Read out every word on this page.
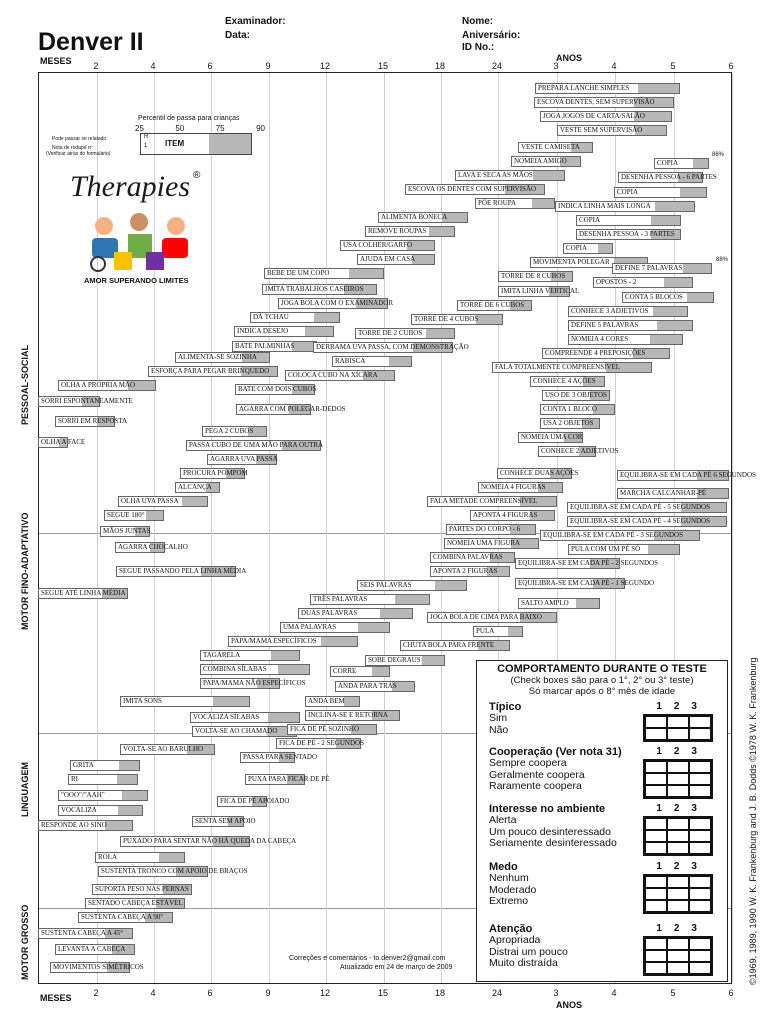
Denver II
Examinador:
Data:
Nome:
Aniversário:
ID No.:
MESES	ANOS
2	4	6	9	12	15	18	24	3	4	5	6
MESES
ANOS
2	4	6	9	12	15	18	24	3	4	5	6
PESSOAL-SOCIAL
MOTOR FINO-ADAPTATIVO
LINGUAGEM
MOTOR GROSSO
Percentil de passa para crianças
25	50	75	90
R
1 ITEM
Pode passar se relatado
Nota de rodapé nº
(Verificar atrás do formulário)
Therapies ®
AMOR SUPERANDO LIMITES
86%
88%
COMPORTAMENTO DURANTE O TESTE
(Check boxes são para o 1°, 2° ou 3° teste)
Só marcar após o 8° mês de idade
Típico	123
Sim
Não
Cooperação (Ver nota 31)	123
Sempre coopera
Geralmente coopera
Raramente coopera
Interesse no ambiente	123
Alerta
Um pouco desinteressado
Seriamente desinteressado
Medo	123
Nenhum
Moderado
Extremo
Atenção	123
Apropriada
Distrai um pouco
Muito distraída
Correções e comentários - to.denver2@gmail.com
Atualizado em 24 de março de 2009	©1969, 1989, 1990 W. K. Frankenburg and J. B. Dodds ©1978 W. K. Frankenburg
PREPARA LANCHE SIMPLES
ESCOVA DENTES, SEM SUPERVISÃO
JOGA JOGOS DE CARTA/SALÃO
VESTE SEM SUPERVISÃO
VESTE CAMISETA
NOMEIA AMIGO
LAVA E SECA AS MÃOS
ESCOVA OS DENTES COM SUPERVISÃO
PÕE ROUPA
ALIMENTA BONECA
REMOVE ROUPAS
USA COLHER/GARFO
AJUDA EM CASA
BEBE DE UM COPO
IMITA TRABALHOS CASEIROS
JOGA BOLA COM O EXAMINADOR
DÁ TCHAU
INDICA DESEJO
BATE PALMINHAS
ALIMENTA-SE SOZINHA
ESFORÇA PARA PEGAR BRINQUEDO
OLHA A PRÓPRIA MÃO
SORRI ESPONTANEAMENTE
SORRI EM RESPOSTA
OLHA A FACE
COPIA
DESENHA PESSOA - 6 PARTES
COPIA
INDICA LINHA MAIS LONGA
COPIA
DESENHA PESSOA - 3 PARTES
COPIA
MOVIMENTA POLEGAR
TORRE DE 8 CUBOS
IMITA LINHA VERTICAL
TORRE DE 6 CUBOS
TORRE DE 4 CUBOS
TORRE DE 2 CUBOS
DERRAMA UVA PASSA, COM DEMONSTRAÇÃO
RABISCA
COLOCA CUBO NA XÍCARA
BATE COM DOIS CUBOS
AGARRA COM POLEGAR-DEDOS
PEGA 2 CUBOS
PASSA CUBO DE UMA MÃO PARA OUTRA
AGARRA UVA PASSA
PROCURA POMPOM
ALCANÇA
OLHA UVA PASSA
SEGUE 180°
MÃOS JUNTAS
AGARRA CHOCALHO
SEGUE PASSANDO PELA LINHA MÉDIA
SEGUE ATÉ LINHA MÉDIA
DEFINE 7 PALAVRAS
OPOSTOS - 2
CONTA 5 BLOCOS
CONHECE 3 ADJETIVOS
DEFINE 5 PALAVRAS
NOMEIA 4 CORES
COMPREENDE 4 PREPOSIÇÕES
FALA TOTALMENTE COMPREENSÍVEL
CONHECE 4 AÇÕES
USO DE 3 OBJETOS
CONTA 1 BLOCO
USA 2 OBJETOS
NOMEIA UMA COR
CONHECE 2 ADJETIVOS
CONHECE DUAS AÇÕES
NOMEIA 4 FIGURAS
FALA METADE COMPREENSÍVEL
APONTA 4 FIGURAS
PARTES DO CORPO - 6
NOMEIA UMA FIGURA
COMBINA PALAVRAS
APONTA 2 FIGURAS
SEIS PALAVRAS
TRÊS PALAVRAS
DUAS PALAVRAS
UMA PALAVRAS
PAPA/MAMA ESPECÍFICOS
TAGARELA
COMBINA SÍLABAS
PAPA/MAMA NÃO ESPECÍFICOS
IMITA SONS
VOCALIZA SÍLABAS
VOLTA-SE AO CHAMADO
VOLTA-SE AO BARULHO
GRITA
RI
"OOO"/"AAH"
VOCALIZA
RESPONDE AO SINO
EQUILIBRA-SE EM CADA PÉ 6 SEGUNDOS
MARCHA CALCANHAR-PÉ
EQUILIBRA-SE EM CADA PÉ - 5 SEGUNDOS
EQUILIBRA-SE EM CADA PÉ - 4 SEGUNDOS
EQUILIBRA-SE EM CADA PÉ - 3 SEGUNDOS
PULA COM UM PÉ SÓ
EQUILIBRA-SE EM CADA PÉ - 2 SEGUNDOS
EQUILIBRA-SE EM CADA PÉ - 1 SEGUNDO
SALTO AMPLO
JOGA BOLA DE CIMA PARA BAIXO
PULA
CHUTA BOLA PARA FRENTE
SOBE DEGRAUS
CORRE
ANDA PARA TRÁS
ANDA BEM
INCLINA-SE E RETORNA
FICA DE PÉ SOZINHO
FICA DE PÉ - 2 SEGUNDOS
PASSA PARA SENTADO
PUXA PARA FICAR DE PÉ
FICA DE PÉ APOIADO
SENTA SEM APOIO
PUXADO PARA SENTAR NÃO HÁ QUEDA DA CABEÇA
ROLA
SUSTENTA TRONCO COM APOIO DE BRAÇOS
SUPORTA PESO NAS PERNAS
SENTADO CABEÇA ESTÁVEL
SUSTENTA CABEÇA A 90°
SUSTENTA CABEÇA A 45°
LEVANTA A CABEÇA
MOVIMENTOS SIMÉTRICOS
